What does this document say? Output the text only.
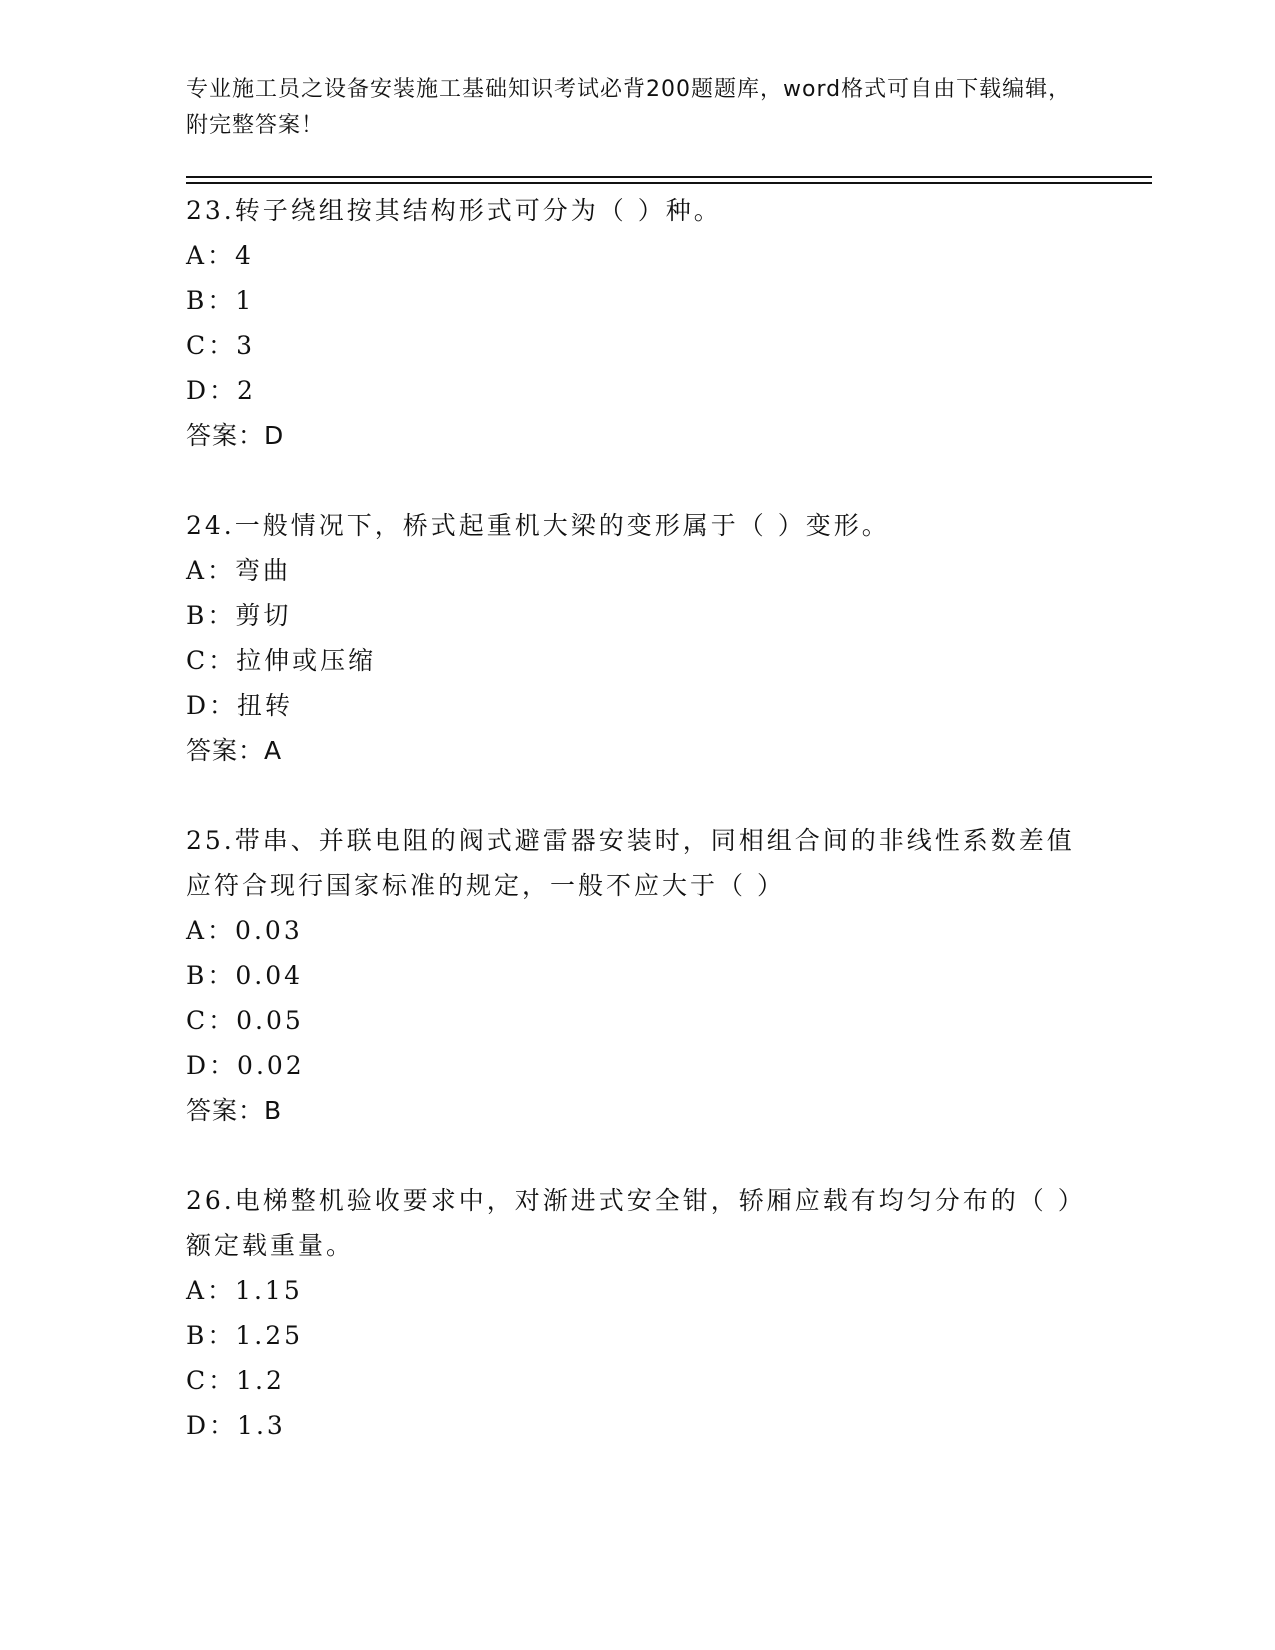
专业施工员之设备安装施工基础知识考试必背200题题库，word格式可自由下载编辑，附完整答案！
23.转子绕组按其结构形式可分为（ ）种。
A：4
B：1
C：3
D：2
答案：D
24.一般情况下，桥式起重机大梁的变形属于（ ）变形。
A：弯曲
B：剪切
C：拉伸或压缩
D：扭转
答案：A
25.带串、并联电阻的阀式避雷器安装时，同相组合间的非线性系数差值应符合现行国家标准的规定，一般不应大于（ ）
A：0.03
B：0.04
C：0.05
D：0.02
答案：B
26.电梯整机验收要求中，对渐进式安全钳，轿厢应载有均匀分布的（ ）额定载重量。
A：1.15
B：1.25
C：1.2
D：1.3
